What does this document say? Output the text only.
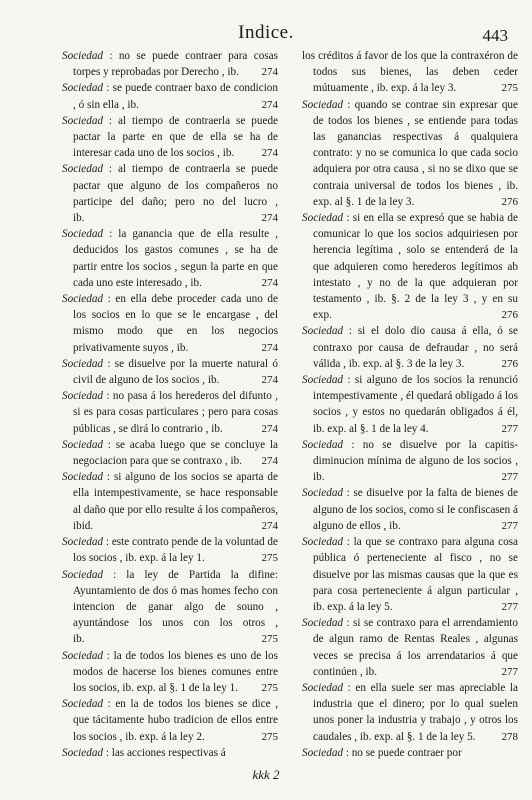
Indice.	443
Sociedad : no se puede contraer para cosas torpes y reprobadas por Derecho , ib. 274
Sociedad : se puede contraer baxo de condicion , ó sin ella , ib.	274
Sociedad : al tiempo de contraerla se puede pactar la parte en que de ella se ha de interesar cada uno de los socios , ib. 274
Sociedad : al tiempo de contraerla se puede pactar que alguno de los compañeros no participe del daño; pero no del lucro , ib.	274
Sociedad : la ganancia que de ella resulte , deducidos los gastos comunes , se ha de partir entre los socios , segun la parte en que cada uno este interesado , ib.	274
Sociedad : en ella debe proceder cada uno de los socios en lo que se le encargase , del mismo modo que en los negocios privativamente suyos , ib.	274
Sociedad : se disuelve por la muerte natural ó civil de alguno de los socios , ib.	274
Sociedad : no pasa á los herederos del difunto , si es para cosas particulares ; pero para cosas públicas , se dirá lo contrario , ib.	274
Sociedad : se acaba luego que se concluye la negociacion para que se contraxo , ib. 274
Sociedad : si alguno de los socios se aparta de ella intempestivamente, se hace responsable al daño que por ello resulte á los compañeros, ibid.	274
Sociedad : este contrato pende de la voluntad de los socios , ib. exp. á la ley 1.	275
Sociedad : la ley de Partida la difine: Ayuntamiento de dos ó mas homes fecho con intencion de ganar algo de souno , ayuntándose los unos con los otros , ib.	275
Sociedad : la de todos los bienes es uno de los modos de hacerse los bienes comunes entre los socios, ib. exp. al §. 1 de la ley 1. 275
Sociedad : en la de todos los bienes se dice , que tácitamente hubo tradicion de ellos entre los socios , ib. exp. á la ley 2.	275
Sociedad : las acciones respectivas á
los créditos á favor de los que la contraxéron de todos sus bienes, las deben ceder mútuamente , ib. exp. á la ley 3.	275
Sociedad : quando se contrae sin expresar que de todos los bienes , se entiende para todas las ganancias respectivas á qualquiera contrato: y no se comunica lo que cada socio adquiera por otra causa , si no se dixo que se contraia universal de todos los bienes , ib. exp. al §. 1 de la ley 3.	276
Sociedad : si en ella se expresó que se habia de comunicar lo que los socios adquiriesen por herencia legítima , solo se entenderá de la que adquieren como herederos legítimos ab intestato , y no de la que adquieran por testamento , ib. §. 2 de la ley 3 , y en su exp.	276
Sociedad : si el dolo dio causa á ella, ó se contraxo por causa de defraudar , no será válida , ib. exp. al §. 3 de la ley 3.	276
Sociedad : si alguno de los socios la renunció intempestivamente , él quedará obligado á los socios , y estos no quedarán obligados á él, ib. exp. al §. 1 de la ley 4.	277
Sociedad : no se disuelve por la capitis-diminucion mínima de alguno de los socios , ib.	277
Sociedad : se disuelve por la falta de bienes de alguno de los socios, como si le confiscasen á alguno de ellos , ib.	277
Sociedad : la que se contraxo para alguna cosa pública ó perteneciente al fisco , no se disuelve por las mismas causas que la que es para cosa perteneciente á algun particular , ib. exp. á la ley 5.	277
Sociedad : si se contraxo para el arrendamiento de algun ramo de Rentas Reales , algunas veces se precisa á los arrendatarios á que continúen , ib.	277
Sociedad : en ella suele ser mas apreciable la industria que el dinero; por lo qual suelen unos poner la industria y trabajo , y otros los caudales , ib. exp. al §. 1 de la ley 5. 278
Sociedad : no se puede contraer por
kkk 2
